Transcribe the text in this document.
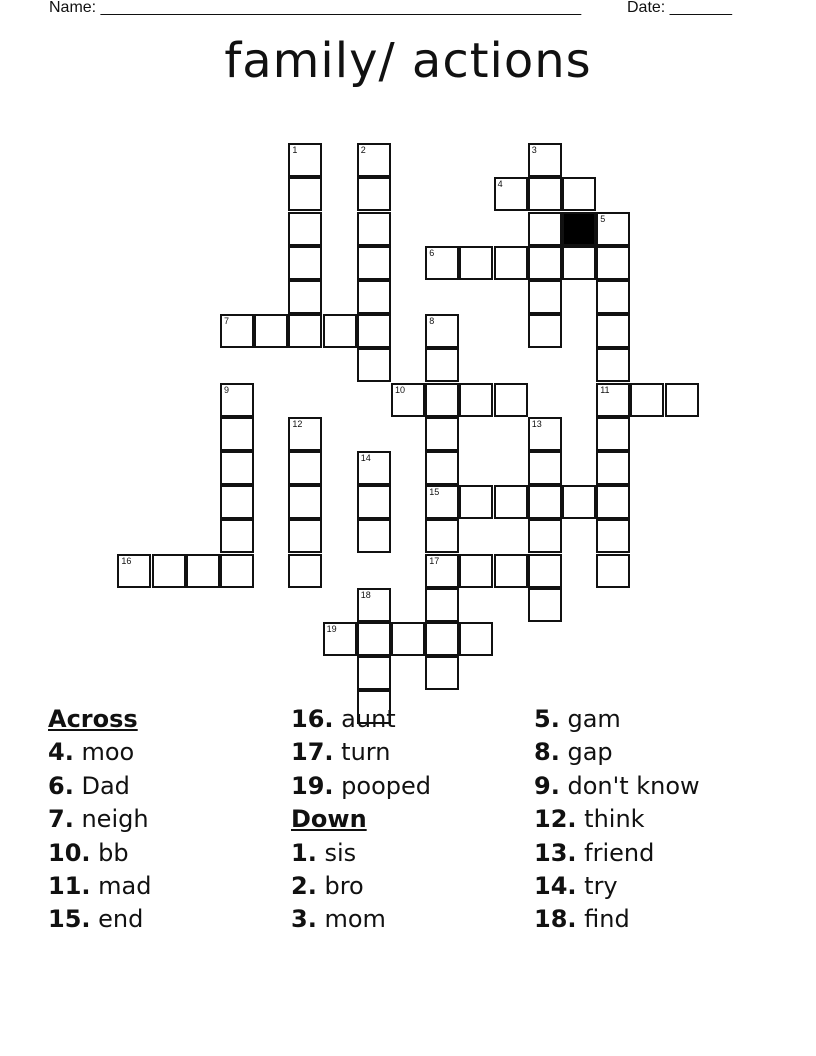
Name: ______________________________________________________	Date: _______
family/ actions
1	2	3
4
5
6
7	8
9	10	11
12	13
14
15
16	17
18
19
Across
4. moo
6. Dad
7. neigh
10. bb
11. mad
15. end
16. aunt
17. turn
19. pooped
Down
1. sis
2. bro
3. mom
5. gam
8. gap
9. don't know
12. think
13. friend
14. try
18. find
